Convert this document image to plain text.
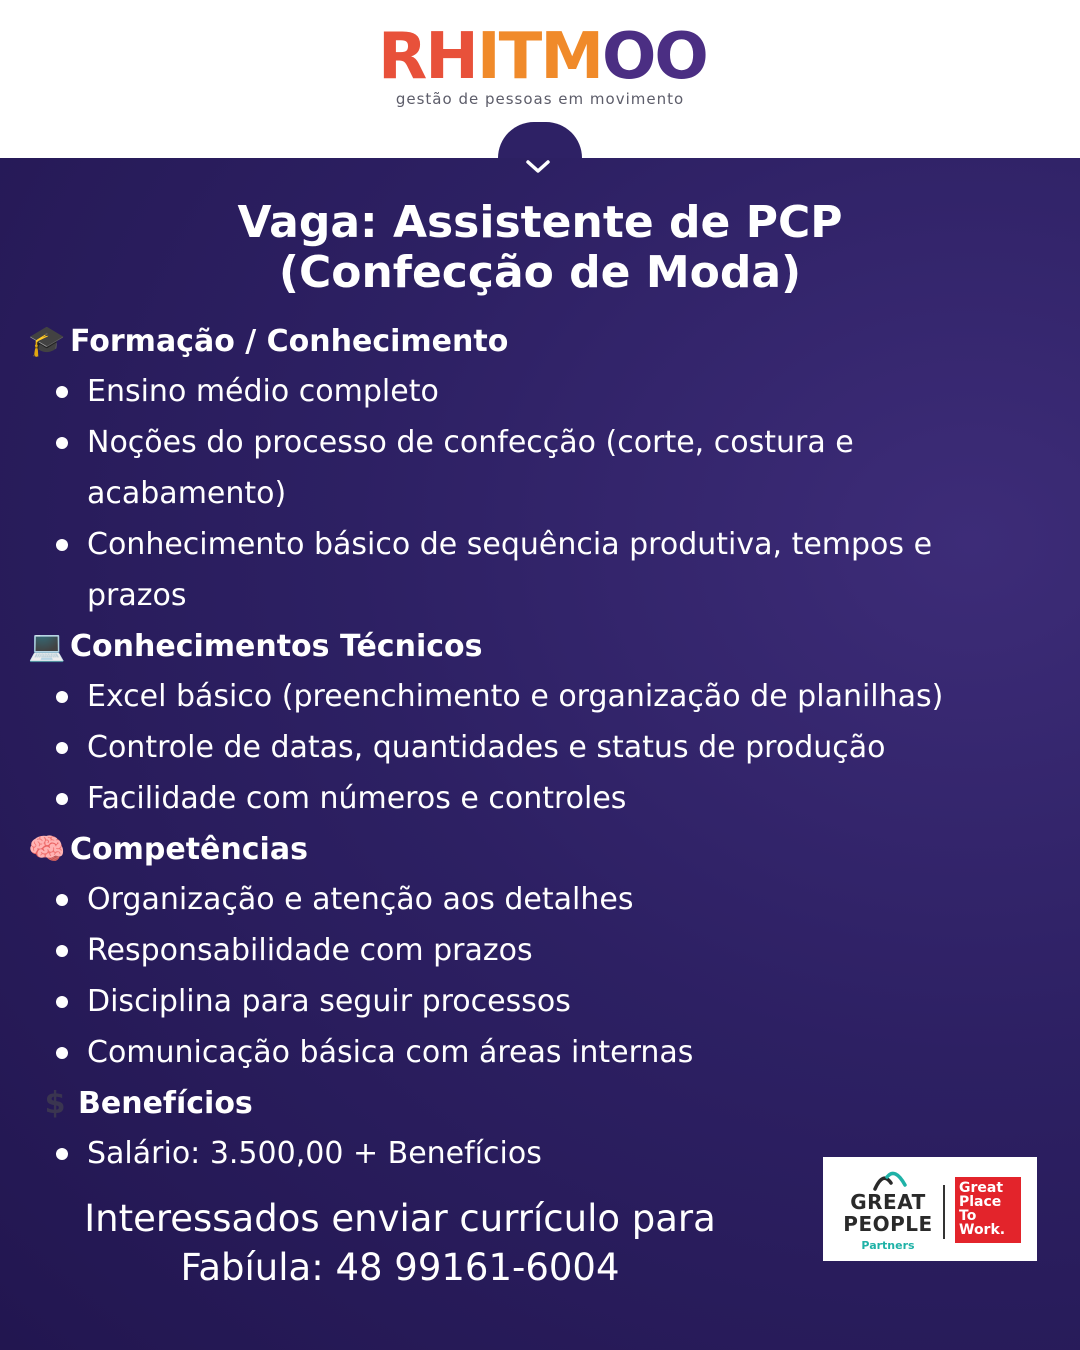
RHITMOO
gestão de pessoas em movimento
Vaga: Assistente de PCP (Confecção de Moda)
🎓 Formação / Conhecimento
Ensino médio completo
Noções do processo de confecção (corte, costura e acabamento)
Conhecimento básico de sequência produtiva, tempos e prazos
💻 Conhecimentos Técnicos
Excel básico (preenchimento e organização de planilhas)
Controle de datas, quantidades e status de produção
Facilidade com números e controles
🧠 Competências
Organização e atenção aos detalhes
Responsabilidade com prazos
Disciplina para seguir processos
Comunicação básica com áreas internas
$ Benefícios
Salário: 3.500,00 + Benefícios
Interessados enviar currículo para
Fabíula: 48 99161-6004
GREAT
PEOPLE
Partners
Great
Place
To
Work.
